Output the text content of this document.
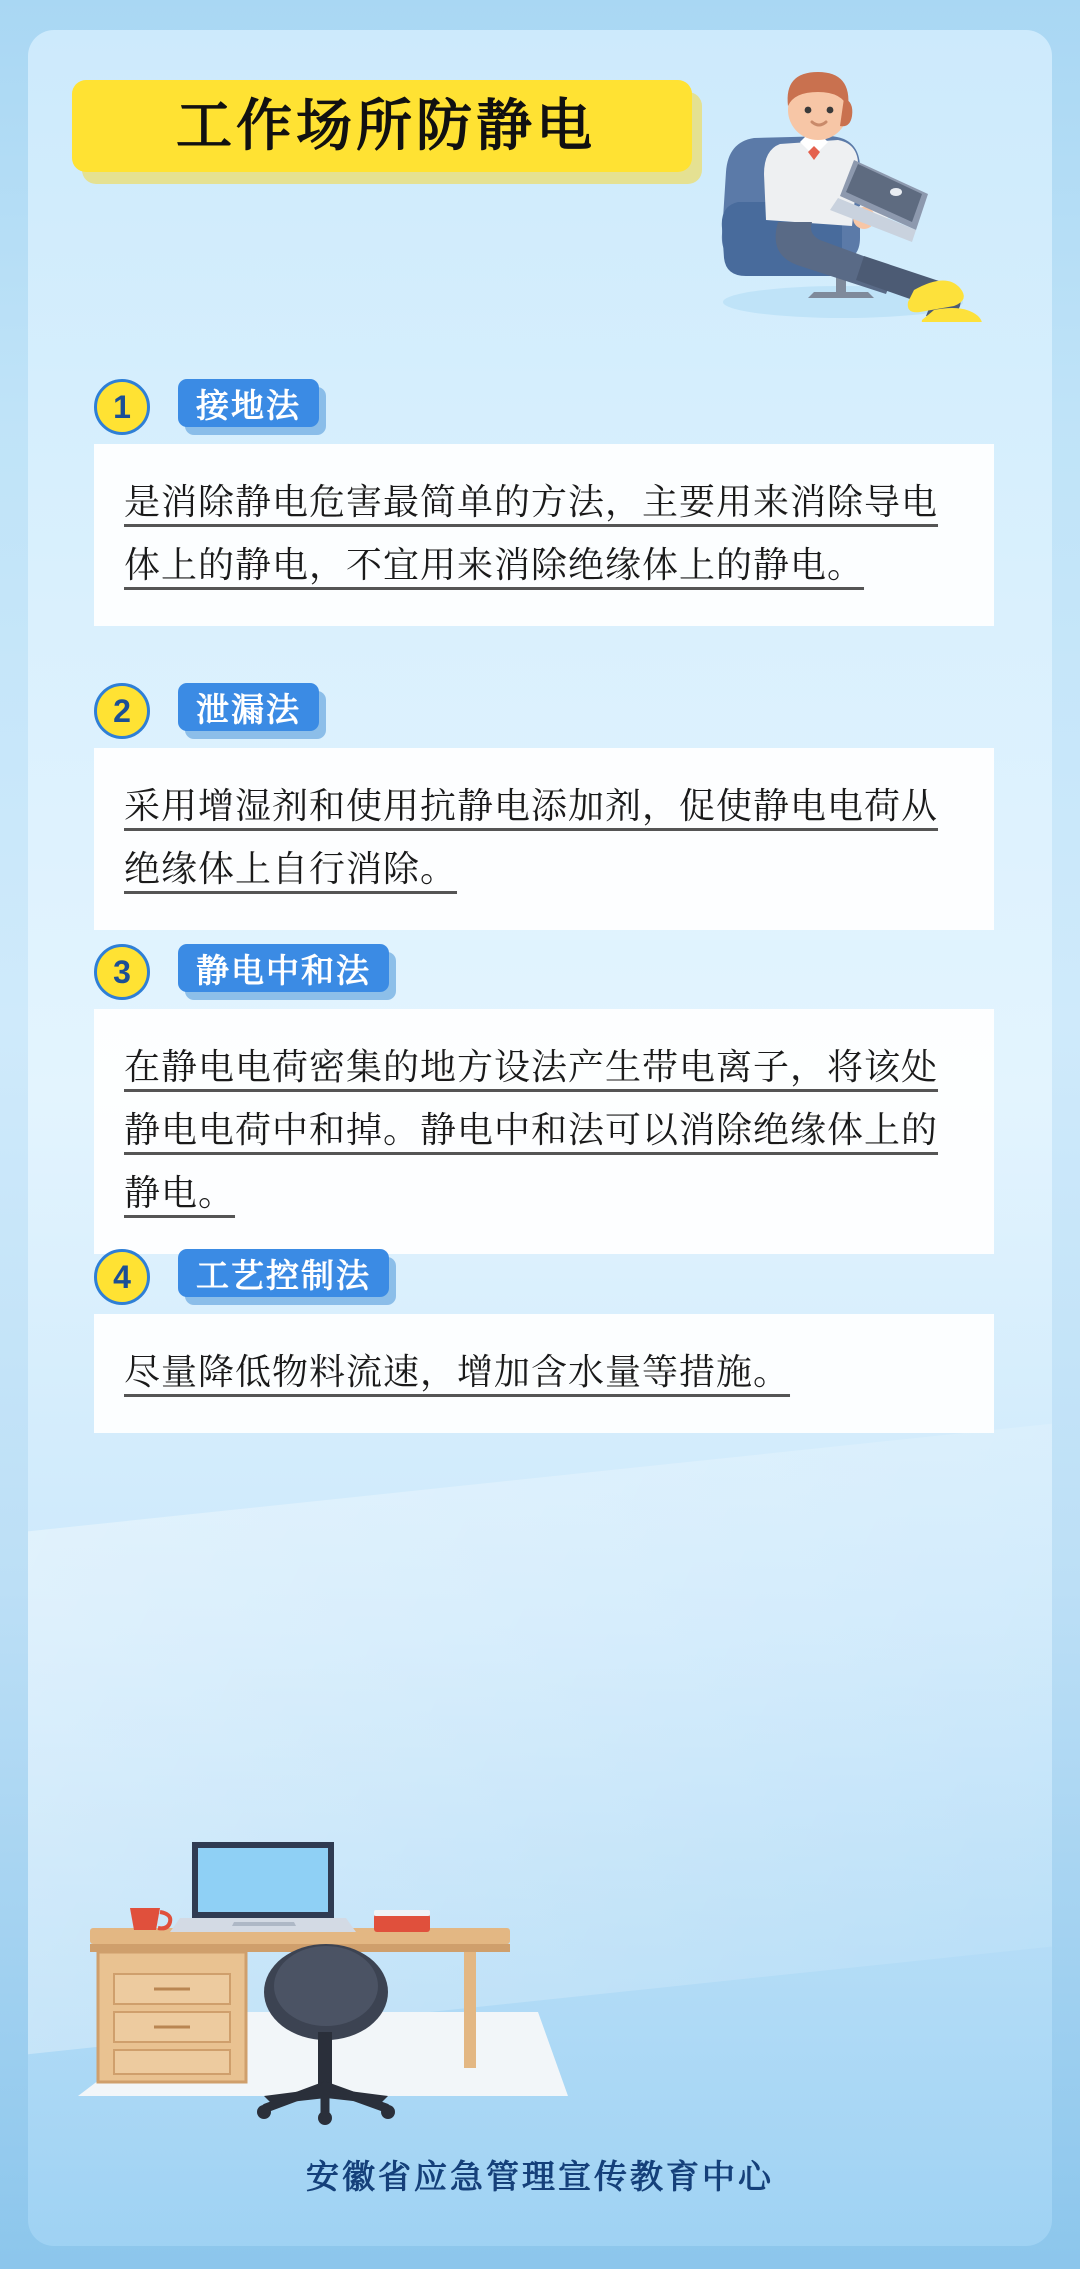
工作场所防静电
1	接地法
是消除静电危害最简单的方法，主要用来消除导电体上的静电，不宜用来消除绝缘体上的静电。
2	泄漏法
采用增湿剂和使用抗静电添加剂，促使静电电荷从绝缘体上自行消除。
3	静电中和法
在静电电荷密集的地方设法产生带电离子，将该处静电电荷中和掉。静电中和法可以消除绝缘体上的静电。
4	工艺控制法
尽量降低物料流速，增加含水量等措施。
安徽省应急管理宣传教育中心
